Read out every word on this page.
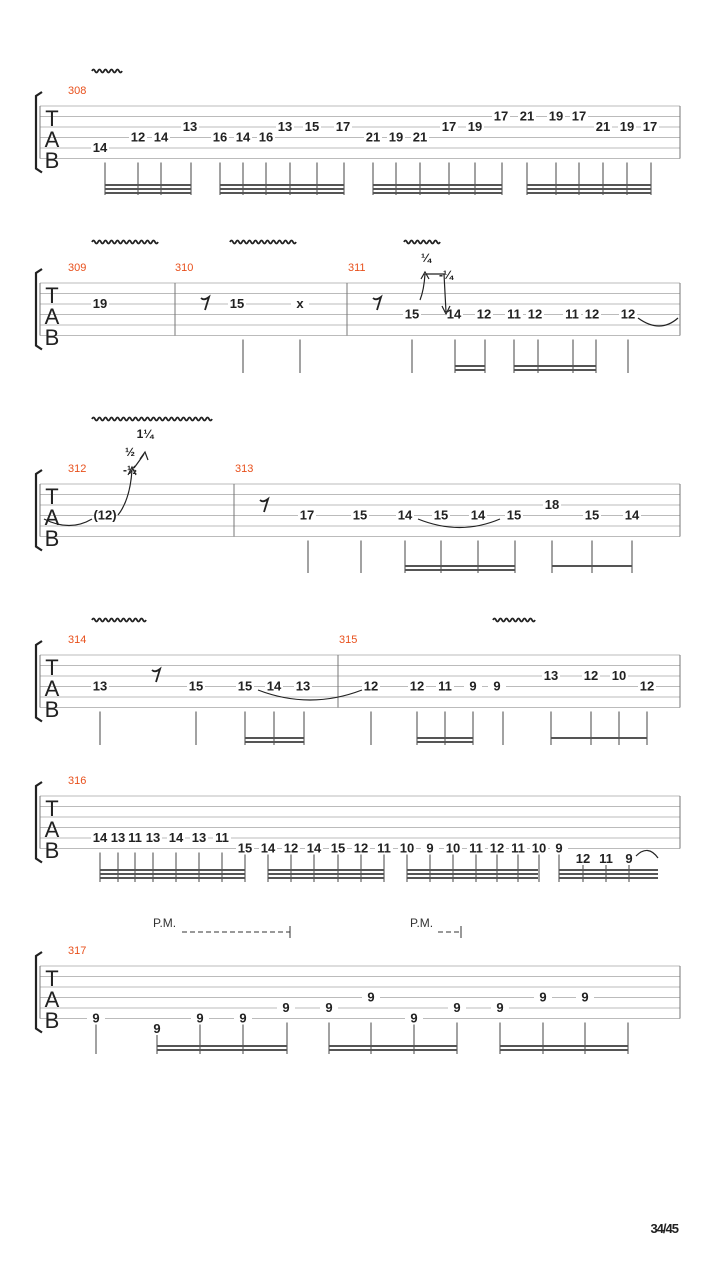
T
A
B
308
14
12 14
13
16 14 16
13 15 17
21 19 21
17 19
17 21 19 17
21 19 17
T
A
B
309	310	311
19	15	x
15 14 12 11 12 11 12 12
T
A
B
312	313
(12)	17	15 14 15 14 15
18
15 14
T
A
B
314	315
13	15	15 14 13	12 12 11 9 9
13 12 10
12
T
A
B
316
14 13 11 13 14 13 11
15 14 12 14 15 12 11 10 9 10 11 12 11 10 9
12 11 9
T
A
B
317
9
9
9	9
9	9
9
9
9	9
9	9
¼
-¼
1¼
½
-½
P.M.	P.M.
34/45
